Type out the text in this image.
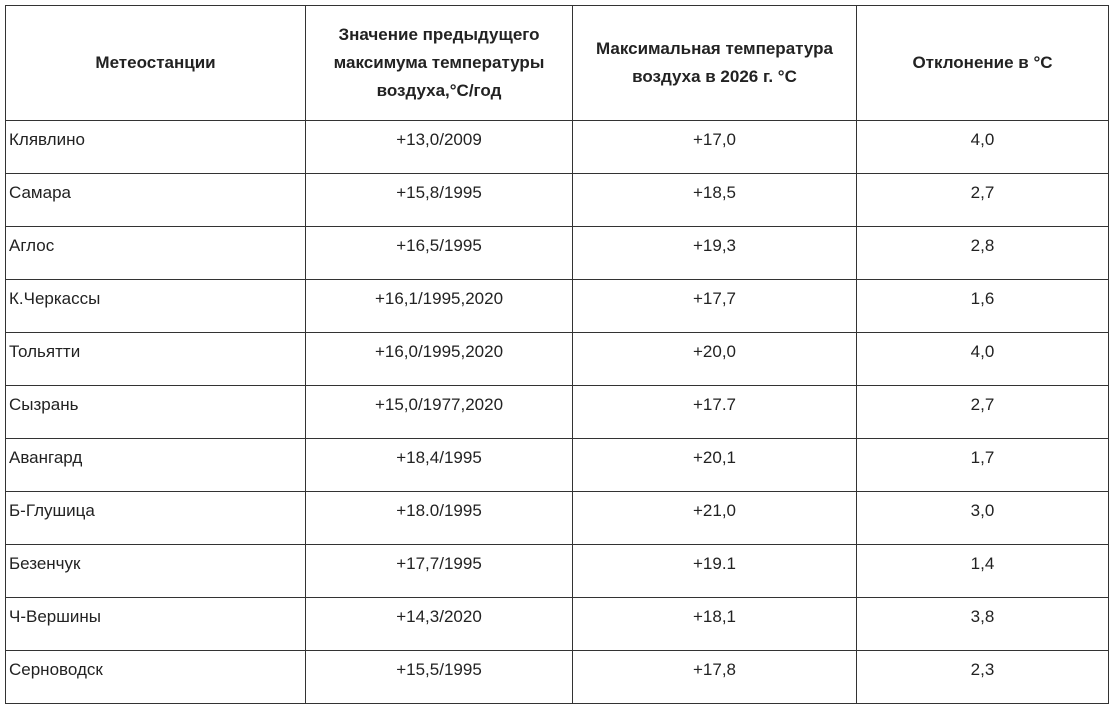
Метеостанции	Значение предыдущего максимума температуры воздуха,°С/год	Максимальная температура воздуха в 2026 г. °С	Отклонение в °С
Клявлино	+13,0/2009	+17,0	4,0
Самара	+15,8/1995	+18,5	2,7
Аглос	+16,5/1995	+19,3	2,8
К.Черкассы	+16,1/1995,2020	+17,7	1,6
Тольятти	+16,0/1995,2020	+20,0	4,0
Сызрань	+15,0/1977,2020	+17.7	2,7
Авангард	+18,4/1995	+20,1	1,7
Б-Глушица	+18.0/1995	+21,0	3,0
Безенчук	+17,7/1995	+19.1	1,4
Ч-Вершины	+14,3/2020	+18,1	3,8
Серноводск	+15,5/1995	+17,8	2,3
